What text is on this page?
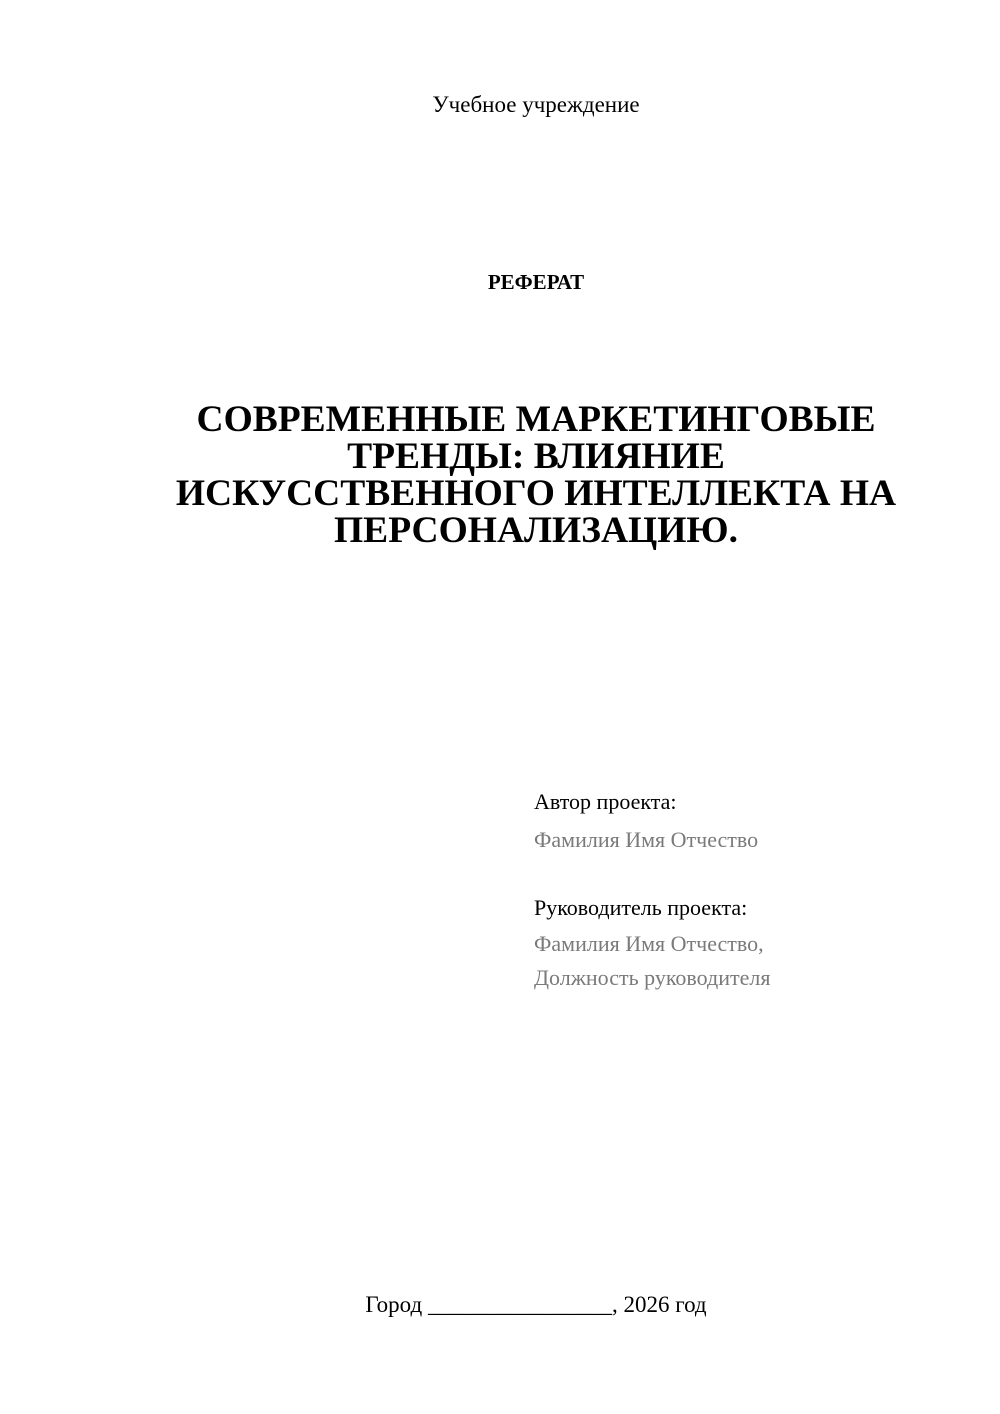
Учебное учреждение
РЕФЕРАТ
СОВРЕМЕННЫЕ МАРКЕТИНГОВЫЕ
ТРЕНДЫ: ВЛИЯНИЕ
ИСКУССТВЕННОГО ИНТЕЛЛЕКТА НА
ПЕРСОНАЛИЗАЦИЮ.
Автор проекта:
Фамилия Имя Отчество
Руководитель проекта:
Фамилия Имя Отчество,
Должность руководителя
Город ________________, 2026 год
